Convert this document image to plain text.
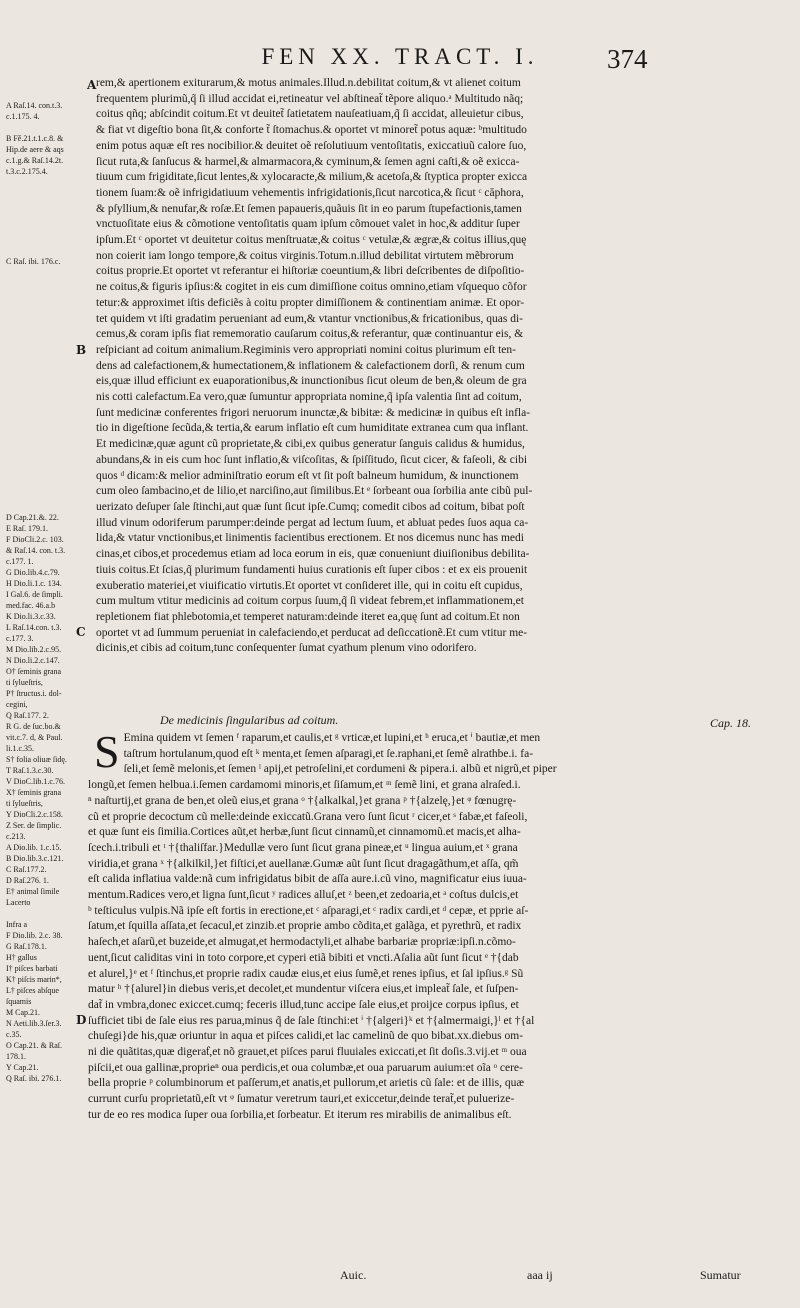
FEN XX. TRACT. I.	374
A Raſ.14. con.t.3.
c.1.175. 4.
B Fě.21.t.1.c.8. &
Hip.de aere & aqs
c.1.g.& Raſ.14.2t.
t.3.c.2.175.4.
C Raſ. ibi. 176.c.
D Cap.21.&. 22.
E Raſ. 179.1.
F DioCli.2.c. 103.
& Raſ.14. con. t.3.
c.177. 1.
G Dio.lib.4.c.79.
H Dio.li.1.c. 134.
I Gal.6. de ſimpli.
med.fac. 46.a.b
K Dio.li.3.c.33.
L Raſ.14.con. t.3.
c.177. 3.
M Dio.lib.2.c.95.
N Dio.li.2.c.147.
O† ſeminis grana
ti ſylueſtris,
P† ſtructus.i. dol-
cegini,
Q Raſ.177. 2.
R G. de ſuc.bo.&
vit.c.7. d, & Paul.
li.1.c.35.
S† folia oliuæ ſidę.
T Raſ.1.3.c.30.
V DioC.lib.1.c.76.
X† ſeminis grana
ti ſylueſtris,
Y DioCli.2.c.158.
Z Ser. de ſimplic.
c.213.
A Dio.lib. 1.c.15.
B Dio.lib.3.c.121.
C Raſ.177.2.
D Raſ.276. 1.
E† animal ſimile
Lacerto
Infra a
F Dio.lib. 2.c. 38.
G Raſ.178.1.
H† gallus
I† piſces barbati
K† piſcis marin*,
L† piſces abſque
ſquamis
M Cap.21.
N Aeti.lib.3.ſer.3.
c.35.
O Cap.21. & Raſ.
178.1.
Y Cap.21.
Q Raſ. ibi. 276.1.
A
B
C
D
rem,& apertionem exiturarum,& motus animales.Illud.n.debilitat coitum,& vt alienet coitum
frequentem plurimũ,q̃ ſi illud accidat ei,retineatur vel abſtineat̃ tẽpore aliquo.ᵃ Multitudo nãq;
coitus qñq; abſcindit coitum.Et vt deuitet̃ ſatietatem nauſeatiuam,q̃ ſi accidat, alleuietur cibus,
& fiat vt digeſtio bona ſit,& conforte t̃ ſtomachus.& oportet vt minoret̃ potus aquæ: ᵇmultitudo
enim potus aquæ eſt res nocibilior.& deuitet oẽ reſolutiuum ventoſitatis, exiccatiuũ calore ſuo,
ſicut ruta,& ſanſucus & harmel,& almarmacora,& cyminum,& ſemen agni caſti,& oẽ exicca-
tiuum cum frigiditate,ſicut lentes,& xylocaracte,& milium,& acetoſa,& ſtyptica propter exicca
tionem ſuam:& oẽ infrigidatiuum vehementis infrigidationis,ſicut narcotica,& ſicut ᶜ căphora,
& pſyllium,& nenufar,& roſæ.Et ſemen papaueris,quãuis ſit in eo parum ſtupefactionis,tamen
vnctuoſitate eius & cõmotione ventoſitatis quam ipſum cõmouet valet in hoc,& additur ſuper
ipſum.Et ᶜ oportet vt deuitetur coitus menſtruatæ,& coitus ᶜ vetulæ,& ægræ,& coitus illius,quę
non coierit iam longo tempore,& coitus virginis.Totum.n.illud debilitat virtutem mẽbrorum
coitus proprie.Et oportet vt referantur ei hiſtoriæ coeuntium,& libri deſcribentes de diſpoſitio-
ne coitus,& figuris ipſius:& cogitet in eis cum dimiſſione coitus omnino,etiam vſquequo cõfor
tetur:& approximet iſtis deficiẽs à coitu propter dimiſſionem & continentiam animæ. Et opor-
tet quidem vt iſti gradatim perueniant ad eum,& vtantur vnctionibus,& fricationibus, quas di-
cemus,& coram ipſis fiat rememoratio cauſarum coitus,& referantur, quæ continuantur eis, &
reſpiciant ad coitum animalium.Regiminis vero appropriati nomini coitus plurimum eſt ten-
dens ad calefactionem,& humectationem,& inflationem & calefactionem dorſi, & renum cum
eis,quæ illud efficiunt ex euaporationibus,& inunctionibus ſicut oleum de ben,& oleum de gra
nis cotti calefactum.Ea vero,quæ ſumuntur appropriata nomine,q̃ ipſa valentia ſint ad coitum,
ſunt medicinæ conferentes frigori neruorum inunctæ,& bibitæ: & medicinæ in quibus eſt infla-
tio in digeſtione ſecũda,& tertia,& earum inflatio eſt cum humiditate extranea cum qua inflant.
Et medicinæ,quæ agunt cũ proprietate,& cibi,ex quibus generatur ſanguis calidus & humidus,
abundans,& in eis cum hoc ſunt inflatio,& viſcoſitas, & ſpiſſitudo, ſicut cicer, & faſeoli, & cibi
quos ᵈ dicam:& melior adminiſtratio eorum eſt vt ſit poſt balneum humidum, & inunctionem
cum oleo ſambacino,et de lilio,et narciſino,aut ſimilibus.Et ᵉ ſorbeant oua ſorbilia ante cibũ pul-
uerizato deſuper ſale ſtinchi,aut quæ ſunt ſicut ipſe.Cumq; comedit cibos ad coitum, bibat poſt
illud vinum odoriferum parumper:deinde pergat ad lectum ſuum, et abluat pedes ſuos aqua ca-
lida,& vtatur vnctionibus,et linimentis facientibus erectionem. Et nos dicemus nunc has medi
cinas,et cibos,et procedemus etiam ad loca eorum in eis, quæ conueniunt diuiſionibus debilita-
tiuis coitus.Et ſcias,q̃ plurimum fundamenti huius curationis eſt ſuper cibos : et ex eis prouenit
exuberatio materiei,et viuificatio virtutis.Et oportet vt conſideret ille, qui in coitu eſt cupidus,
cum multum vtitur medicinis ad coitum corpus ſuum,q̃ ſi videat febrem,et inflammationem,et
repletionem fiat phlebotomia,et temperet naturam:deinde iteret ea,quę ſunt ad coitum.Et non
oportet vt ad ſummum perueniat in calefaciendo,et perducat ad deſiccationẽ.Et cum vtitur me-
dicinis,et cibis ad coitum,tunc conſequenter ſumat cyathum plenum vino odorifero.
De medicinis ſingularibus ad coitum.	Cap. 18.
S Emina quidem vt ſemen ᶠ raparum,et caulis,et ᵍ vrticæ,et lupini,et ʰ eruca,et ⁱ bautiæ,et men
taſtrum hortulanum,quod eſt ᵏ menta,et ſemen aſparagi,et ſe.raphani,et ſemẽ alrathbe.i. fa-
ſeli,et ſemẽ melonis,et ſemen ˡ apij,et petroſelini,et cordumeni & pipera.i. albũ et nigrũ,et piper
longũ,et ſemen helbua.i.ſemen cardamomi minoris,et ſiſamum,et ᵐ ſemẽ lini, et grana alraſed.i.
ⁿ naſturtij,et grana de ben,et oleũ eius,et grana ᵒ †{alkalkal,}et grana ᵖ †{alzelę,}et ᵠ fœnugrę-
cũ et proprie decoctum cũ melle:deinde exiccatũ.Grana vero ſunt ſicut ʳ cicer,et ˢ fabæ,et faſeoli,
et quæ ſunt eis ſimilia.Cortices aũt,et herbæ,ſunt ſicut cinnamũ,et cinnamomũ.et macis,et alha-
ſcech.i.tribuli et ᵗ †{thaliſfar.}Medullæ vero ſunt ſicut grana pineæ,et ᵘ lingua auium,et ˣ grana
viridia,et grana ˣ †{alkilkil,}et fiſtici,et auellanæ.Gumæ aũt ſunt ſicut dragagãthum,et aſſa, qm̃
eſt calida inflatiua valde:nã cum infrigidatus bibit de aſſa aure.i.cũ vino, magnificatur eius iuua-
mentum.Radices vero,et ligna ſunt,ſicut ʸ radices alluſ,et ᶻ been,et zedoaria,et ᵃ coſtus dulcis,et
ᵇ teſticulus vulpis.Nã ipſe eſt fortis in erectione,et ᶜ aſparagi,et ᶜ radix cardi,et ᵈ cepæ, et pprie aſ-
ſatum,et ſquilla aſſata,et ſecacul,et zinzib.et proprie ambo cõdita,et galãga, et pyrethrũ, et radix
haſech,et aſarũ,et buzeide,et almugat,et hermodactyli,et alhabe barbariæ propriæ:ipſi.n.cõmo-
uent,ſicut caliditas vini in toto corpore,et cyperi etiã bibiti et vncti.Aſalia aũt ſunt ſicut ᵉ †{dab
et alurel,}ᵉ et ᶠ ſtinchus,et proprie radix caudæ eius,et eius ſumẽ,et renes ipſius, et ſal ipſius.ᵍ Sũ
matur ʰ †{alurel}in diebus veris,et decolet,et mundentur viſcera eius,et impleat̃ ſale, et ſuſpen-
dat̃ in vmbra,donec exiccet.cumq; feceris illud,tunc accipe ſale eius,et proijce corpus ipſius, et
ſufficiet tibi de ſale eius res parua,minus q̃ de ſale ſtinchi:et ⁱ †{algeri}ᵏ et †{almermaigi,}ˡ et †{al
chuſegi}de his,quæ oriuntur in aqua et piſces calidi,et lac camelinũ de quo bibat.xx.diebus om-
ni die quãtitas,quæ digeraƭ,et nõ grauet,et piſces parui fluuiales exiccati,et ſit doſis.3.vij.et ᵐ oua
piſcii,et oua gallinæ,proprieⁿ oua perdicis,et oua columbæ,et oua paruarum auium:et oĩa ᵒ cere-
bella proprie ᵖ columbinorum et paſſerum,et anatis,et pullorum,et arietis cũ ſale: et de illis, quæ
currunt curſu proprietatũ,eſt vt ᵠ ſumatur veretrum tauri,et exiccetur,deinde terat̃,et puluerize-
tur de eo res modica ſuper oua ſorbilia,et ſorbeatur. Et iterum res mirabilis de animalibus eſt.
Auic.	aaa ij	Sumatur
